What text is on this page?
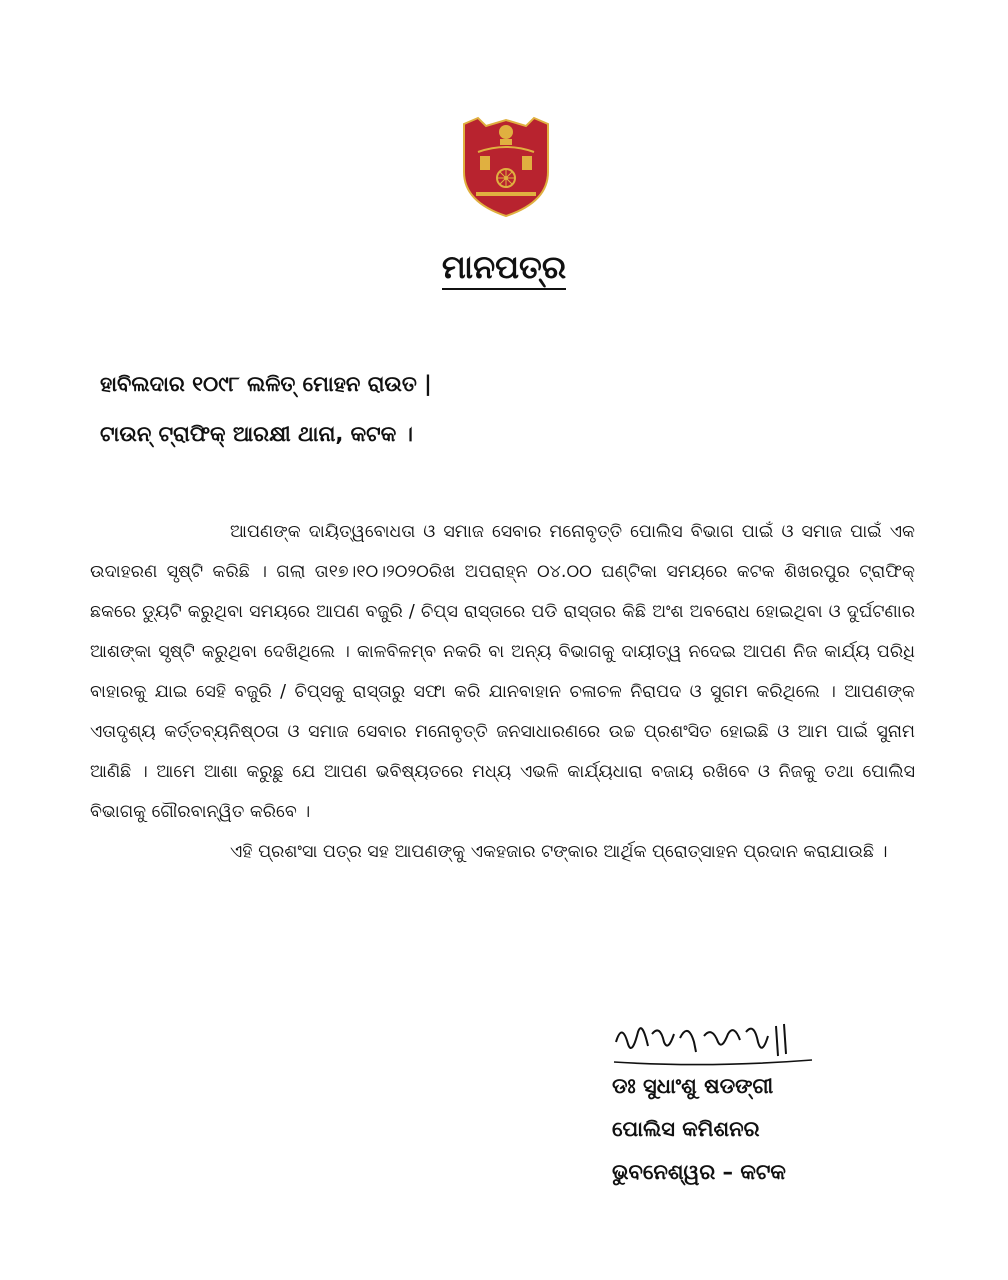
ମାନପତ୍ର
ହାବିଲଦାର ୧୦୯୮ ଲଳିତ୍ ମୋହନ ରାଉତ |
ଟାଉନ୍ ଟ୍ରାଫିକ୍ ଆରକ୍ଷୀ ଥାନା, କଟକ ।

ଆପଣଙ୍କ ଦାୟିତ୍ୱବୋଧତା ଓ ସମାଜ ସେବାର ମନୋବୃତ୍ତି ପୋଲିସ ବିଭାଗ ପାଇଁ ଓ ସମାଜ ପାଇଁ ଏକ ଉଦାହରଣ ସୃଷ୍ଟି କରିଛି । ଗଲା ତା୧୭।୧୦।୨୦୨୦ରିଖ ଅପରାହ୍ନ ୦୪.୦୦ ଘଣ୍ଟିକା ସମୟରେ କଟକ ଶିଖରପୁର ଟ୍ରାଫିକ୍ ଛକରେ ଡ୍ୟୁଟି କରୁଥିବା ସମୟରେ ଆପଣ ବଜୁରି / ଚିପ୍ସ ରାସ୍ତାରେ ପଡି ରାସ୍ତାର କିଛି ଅଂଶ ଅବରୋଧ ହୋଇଥିବା ଓ ଦୁର୍ଘଟଣାର ଆଶଙ୍କା ସୃଷ୍ଟି କରୁଥିବା ଦେଖିଥିଲେ । କାଳବିଳମ୍ବ ନକରି ବା ଅନ୍ୟ ବିଭାଗକୁ ଦାୟୀତ୍ୱ ନଦେଇ ଆପଣ ନିଜ କାର୍ଯ୍ୟ ପରିଧି ବାହାରକୁ ଯାଇ ସେହି ବଜୁରି / ଚିପ୍ସକୁ ରାସ୍ତାରୁ ସଫା କରି ଯାନବାହାନ ଚଳାଚଳ ନିରାପଦ ଓ ସୁଗମ କରିଥିଲେ । ଆପଣଙ୍କ ଏତାଦୃଶ୍ୟ କର୍ତ୍ତବ୍ୟନିଷ୍ଠତା ଓ ସମାଜ ସେବାର ମନୋବୃତ୍ତି ଜନସାଧାରଣରେ ଉଚ୍ଚ ପ୍ରଶଂସିତ ହୋଇଛି ଓ ଆମ ପାଇଁ ସୁନାମ ଆଣିଛି । ଆମେ ଆଶା କରୁଛୁ ଯେ ଆପଣ ଭବିଷ୍ୟତରେ ମଧ୍ୟ ଏଭଳି କାର୍ଯ୍ୟଧାରା ବଜାୟ ରଖିବେ ଓ ନିଜକୁ ତଥା ପୋଲିସ ବିଭାଗକୁ ଗୌରବାନ୍ୱିତ କରିବେ ।

ଏହି ପ୍ରଶଂସା ପତ୍ର ସହ ଆପଣଙ୍କୁ ଏକହଜାର ଟଙ୍କାର ଆର୍ଥିକ ପ୍ରୋତ୍ସାହନ ପ୍ରଦାନ କରାଯାଉଛି ।

ଡଃ ସୁଧାଂଶୁ ଷଡଙ୍ଗୀ
ପୋଲିସ କମିଶନର
ଭୁବନେଶ୍ୱର – କଟକ
